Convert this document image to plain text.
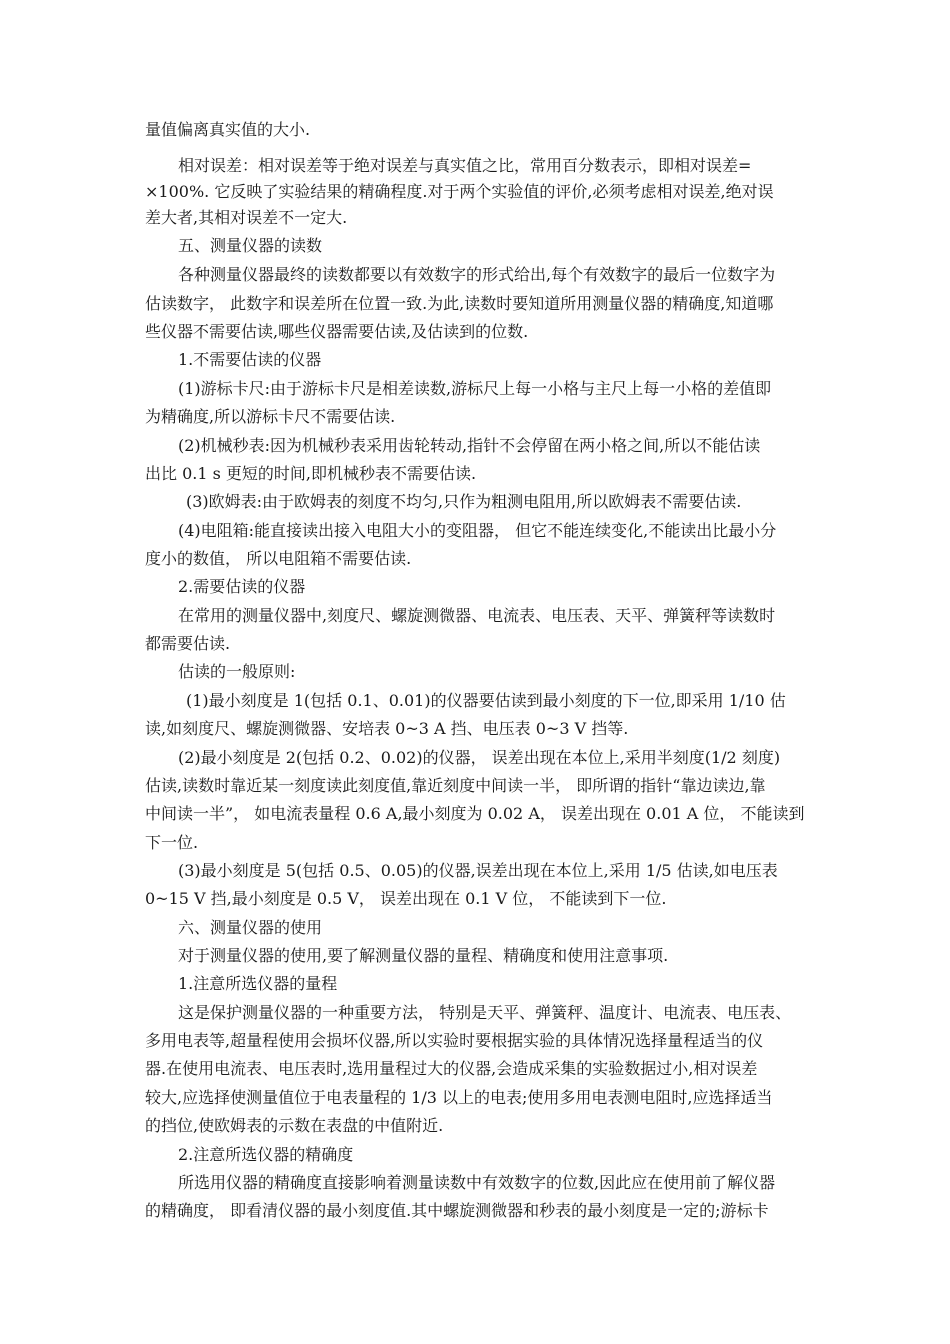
量值偏离真实值的大小.
相对误差：相对误差等于绝对误差与真实值之比，常用百分数表示，即相对误差=
×100%. 它反映了实验结果的精确程度.对于两个实验值的评价,必须考虑相对误差,绝对误
差大者,其相对误差不一定大.
五、测量仪器的读数
各种测量仪器最终的读数都要以有效数字的形式给出,每个有效数字的最后一位数字为
估读数字， 此数字和误差所在位置一致.为此,读数时要知道所用测量仪器的精确度,知道哪
些仪器不需要估读,哪些仪器需要估读,及估读到的位数.
1.不需要估读的仪器
(1)游标卡尺:由于游标卡尺是相差读数,游标尺上每一小格与主尺上每一小格的差值即
为精确度,所以游标卡尺不需要估读.
(2)机械秒表:因为机械秒表采用齿轮转动,指针不会停留在两小格之间,所以不能估读
出比 0.1 s 更短的时间,即机械秒表不需要估读.
(3)欧姆表:由于欧姆表的刻度不均匀,只作为粗测电阻用,所以欧姆表不需要估读.
(4)电阻箱:能直接读出接入电阻大小的变阻器， 但它不能连续变化,不能读出比最小分
度小的数值， 所以电阻箱不需要估读.
2.需要估读的仪器
在常用的测量仪器中,刻度尺、螺旋测微器、电流表、电压表、天平、弹簧秤等读数时
都需要估读.
估读的一般原则:
(1)最小刻度是 1(包括 0.1、0.01)的仪器要估读到最小刻度的下一位,即采用 1/10 估
读,如刻度尺、螺旋测微器、安培表 0~3 A 挡、电压表 0~3 V 挡等.
(2)最小刻度是 2(包括 0.2、0.02)的仪器， 误差出现在本位上,采用半刻度(1/2 刻度)
估读,读数时靠近某一刻度读此刻度值,靠近刻度中间读一半， 即所谓的指针“靠边读边,靠
中间读一半”， 如电流表量程 0.6 A,最小刻度为 0.02 A， 误差出现在 0.01 A 位， 不能读到
下一位.
(3)最小刻度是 5(包括 0.5、0.05)的仪器,误差出现在本位上,采用 1/5 估读,如电压表
0~15 V 挡,最小刻度是 0.5 V， 误差出现在 0.1 V 位， 不能读到下一位.
六、测量仪器的使用
对于测量仪器的使用,要了解测量仪器的量程、精确度和使用注意事项.
1.注意所选仪器的量程
这是保护测量仪器的一种重要方法， 特别是天平、弹簧秤、温度计、电流表、电压表、
多用电表等,超量程使用会损坏仪器,所以实验时要根据实验的具体情况选择量程适当的仪
器.在使用电流表、电压表时,选用量程过大的仪器,会造成采集的实验数据过小,相对误差
较大,应选择使测量值位于电表量程的 1/3 以上的电表;使用多用电表测电阻时,应选择适当
的挡位,使欧姆表的示数在表盘的中值附近.
2.注意所选仪器的精确度
所选用仪器的精确度直接影响着测量读数中有效数字的位数,因此应在使用前了解仪器
的精确度， 即看清仪器的最小刻度值.其中螺旋测微器和秒表的最小刻度是一定的;游标卡
